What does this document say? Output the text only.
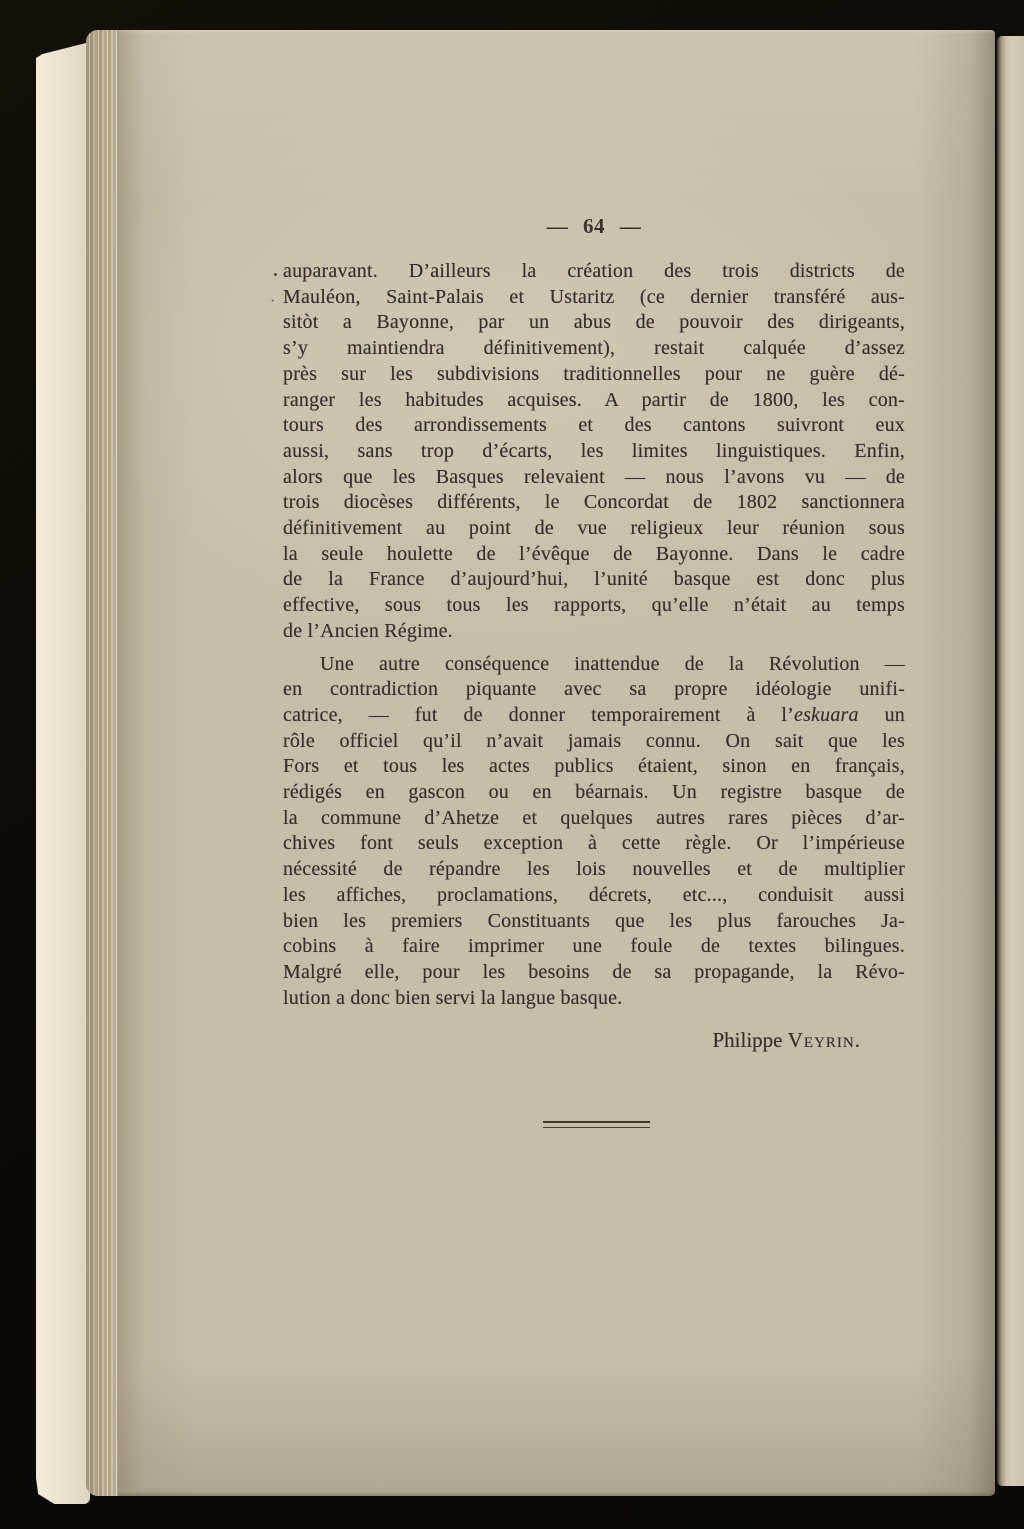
— 64 —
auparavant. D’ailleurs la création des trois districts de
Mauléon, Saint-Palais et Ustaritz (ce dernier transféré aus-
sitòt a Bayonne, par un abus de pouvoir des dirigeants,
s’y maintiendra définitivement), restait calquée d’assez
près sur les subdivisions traditionnelles pour ne guère dé-
ranger les habitudes acquises. A partir de 1800, les con-
tours des arrondissements et des cantons suivront eux
aussi, sans trop d’écarts, les limites linguistiques. Enfin,
alors que les Basques relevaient — nous l’avons vu — de
trois diocèses différents, le Concordat de 1802 sanctionnera
définitivement au point de vue religieux leur réunion sous
la seule houlette de l’évêque de Bayonne. Dans le cadre
de la France d’aujourd’hui, l’unité basque est donc plus
effective, sous tous les rapports, qu’elle n’était au temps
de l’Ancien Régime.
Une autre conséquence inattendue de la Révolution —
en contradiction piquante avec sa propre idéologie unifi-
catrice, — fut de donner temporairement à l’eskuara un
rôle officiel qu’il n’avait jamais connu. On sait que les
Fors et tous les actes publics étaient, sinon en français,
rédigés en gascon ou en béarnais. Un registre basque de
la commune d’Ahetze et quelques autres rares pièces d’ar-
chives font seuls exception à cette règle. Or l’impérieuse
nécessité de répandre les lois nouvelles et de multiplier
les affiches, proclamations, décrets, etc..., conduisit aussi
bien les premiers Constituants que les plus farouches Ja-
cobins à faire imprimer une foule de textes bilingues.
Malgré elle, pour les besoins de sa propagande, la Révo-
lution a donc bien servi la langue basque.
Philippe Veyrin.
